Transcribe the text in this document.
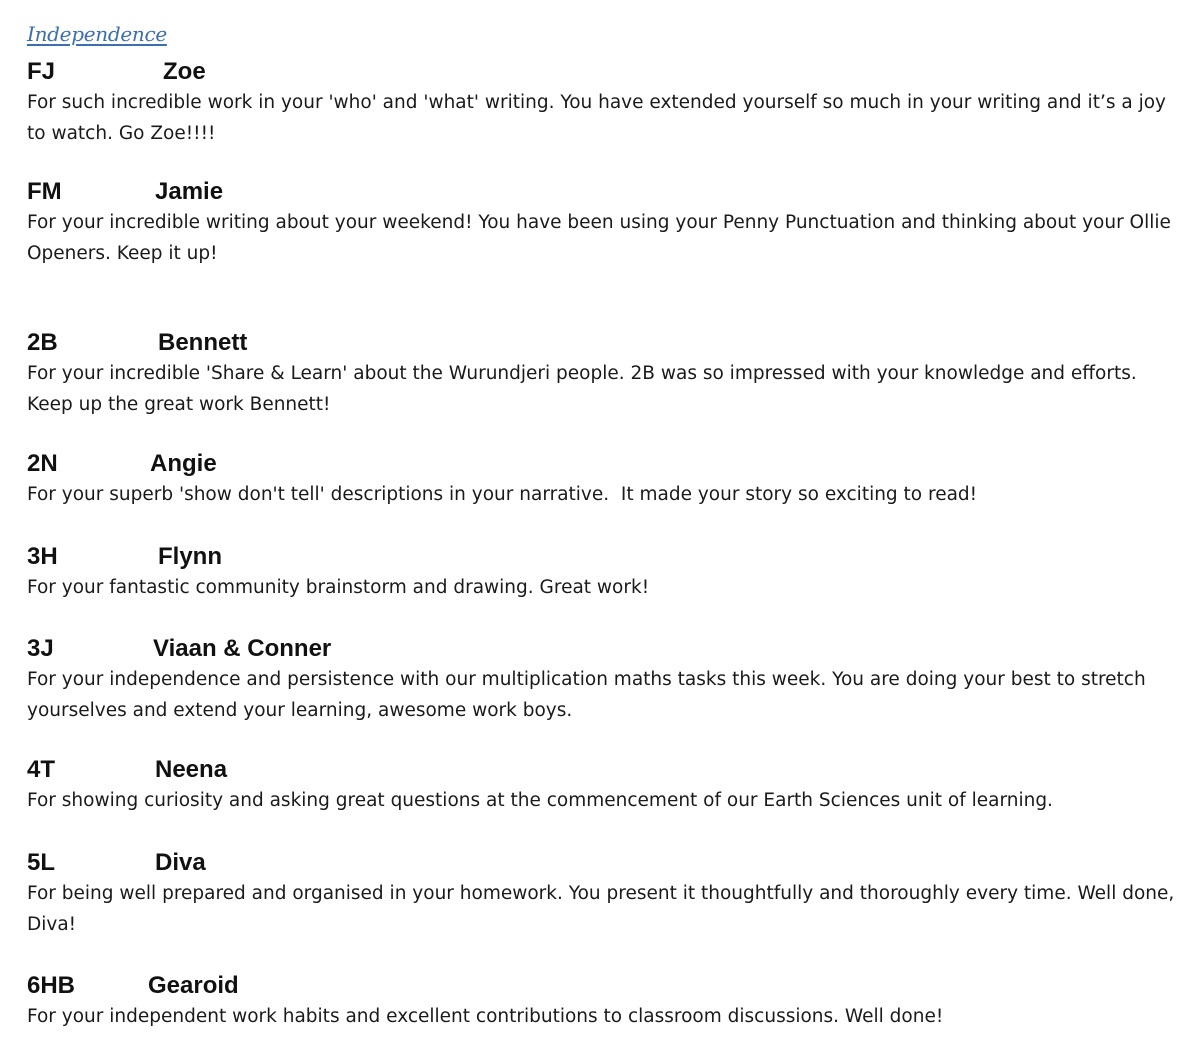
Independence
FJ	Zoe
For such incredible work in your 'who' and 'what' writing. You have extended yourself so much in your writing and it’s a joy to watch. Go Zoe!!!!
FM	Jamie
For your incredible writing about your weekend! You have been using your Penny Punctuation and thinking about your Ollie Openers. Keep it up!
2B	Bennett
For your incredible 'Share & Learn' about the Wurundjeri people. 2B was so impressed with your knowledge and efforts. Keep up the great work Bennett!
2N	Angie
For your superb 'show don't tell' descriptions in your narrative.  It made your story so exciting to read!
3H	Flynn
For your fantastic community brainstorm and drawing. Great work!
3J	Viaan & Conner
For your independence and persistence with our multiplication maths tasks this week. You are doing your best to stretch yourselves and extend your learning, awesome work boys.
4T	Neena
For showing curiosity and asking great questions at the commencement of our Earth Sciences unit of learning.
5L	Diva
For being well prepared and organised in your homework. You present it thoughtfully and thoroughly every time. Well done, Diva!
6HB	Gearoid
For your independent work habits and excellent contributions to classroom discussions. Well done!
